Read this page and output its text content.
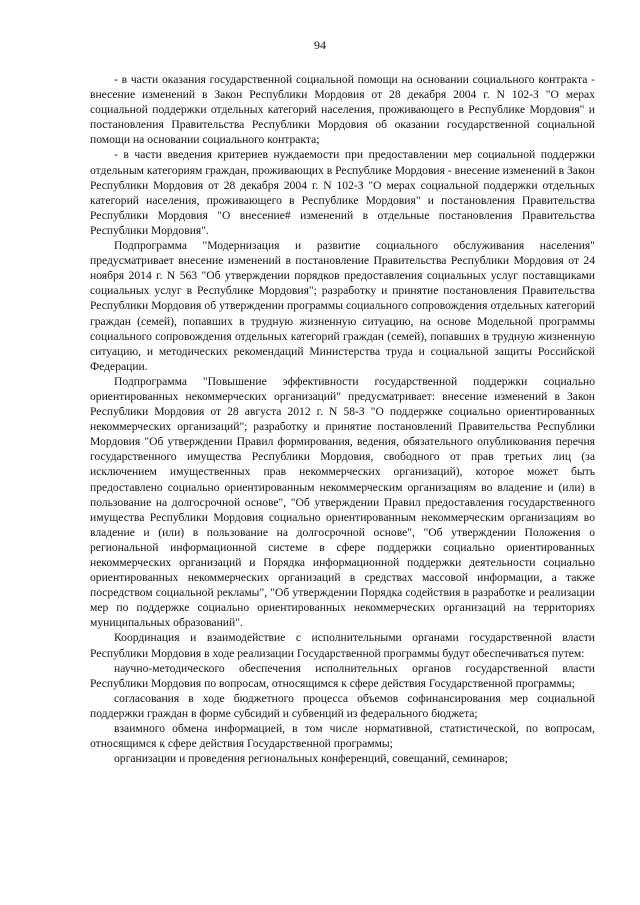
94

- в части оказания государственной социальной помощи на основании социального контракта - внесение изменений в Закон Республики Мордовия от 28 декабря 2004 г. N 102-З "О мерах социальной поддержки отдельных категорий населения, проживающего в Республике Мордовия" и постановления Правительства Республики Мордовия об оказании государственной социальной помощи на основании социального контракта;

- в части введения критериев нуждаемости при предоставлении мер социальной поддержки отдельным категориям граждан, проживающих в Республике Мордовия - внесение изменений в Закон Республики Мордовия от 28 декабря 2004 г. N 102-З "О мерах социальной поддержки отдельных категорий населения, проживающего в Республике Мордовия" и постановления Правительства Республики Мордовия "О внесение# изменений в отдельные постановления Правительства Республики Мордовия".

Подпрограмма "Модернизация и развитие социального обслуживания населения" предусматривает внесение изменений в постановление Правительства Республики Мордовия от 24 ноября 2014 г. N 563 "Об утверждении порядков предоставления социальных услуг поставщиками социальных услуг в Республике Мордовия"; разработку и принятие постановления Правительства Республики Мордовия об утверждении программы социального сопровождения отдельных категорий граждан (семей), попавших в трудную жизненную ситуацию, на основе Модельной программы социального сопровождения отдельных категорий граждан (семей), попавших в трудную жизненную ситуацию, и методических рекомендаций Министерства труда и социальной защиты Российской Федерации.

Подпрограмма "Повышение эффективности государственной поддержки социально ориентированных некоммерческих организаций" предусматривает: внесение изменений в Закон Республики Мордовия от 28 августа 2012 г. N 58-З "О поддержке социально ориентированных некоммерческих организаций"; разработку и принятие постановлений Правительства Республики Мордовия "Об утверждении Правил формирования, ведения, обязательного опубликования перечня государственного имущества Республики Мордовия, свободного от прав третьих лиц (за исключением имущественных прав некоммерческих организаций), которое может быть предоставлено социально ориентированным некоммерческим организациям во владение и (или) в пользование на долгосрочной основе", "Об утверждении Правил предоставления государственного имущества Республики Мордовия социально ориентированным некоммерческим организациям во владение и (или) в пользование на долгосрочной основе", "Об утверждении Положения о региональной информационной системе в сфере поддержки социально ориентированных некоммерческих организаций и Порядка информационной поддержки деятельности социально ориентированных некоммерческих организаций в средствах массовой информации, а также посредством социальной рекламы", "Об утверждении Порядка содействия в разработке и реализации мер по поддержке социально ориентированных некоммерческих организаций на территориях муниципальных образований".

Координация и взаимодействие с исполнительными органами государственной власти Республики Мордовия в ходе реализации Государственной программы будут обеспечиваться путем:

научно-методического обеспечения исполнительных органов государственной власти Республики Мордовия по вопросам, относящимся к сфере действия Государственной программы;

согласования в ходе бюджетного процесса объемов софинансирования мер социальной поддержки граждан в форме субсидий и субвенций из федерального бюджета;

взаимного обмена информацией, в том числе нормативной, статистической, по вопросам, относящимся к сфере действия Государственной программы;

организации и проведения региональных конференций, совещаний, семинаров;
